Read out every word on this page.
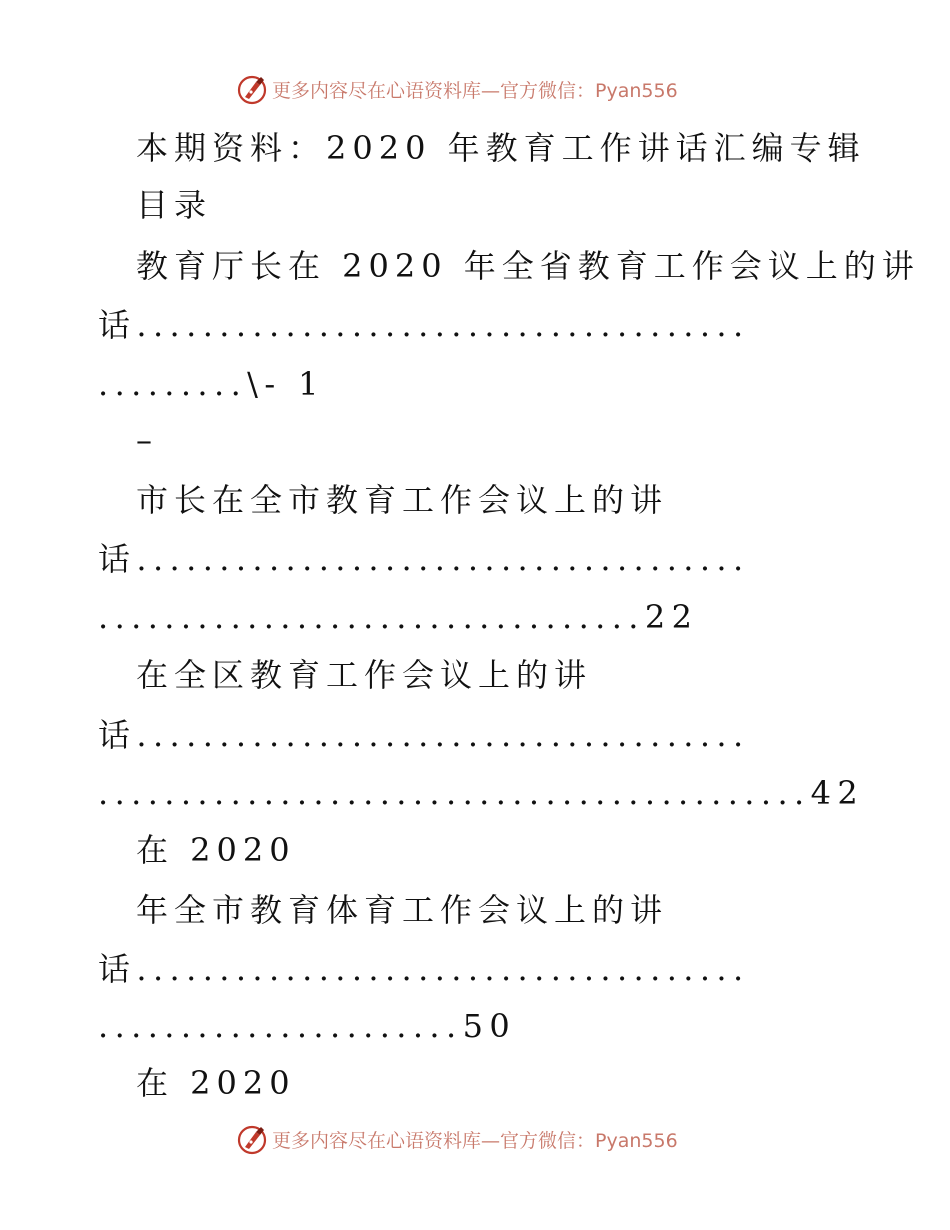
更多内容尽在心语资料库—官方微信：Pyan556
本期资料：2020 年教育工作讲话汇编专辑
目录
教育厅长在 2020 年全省教育工作会议上的讲
话.....................................
.........\- 1
–
市长在全市教育工作会议上的讲
话.....................................
.................................22
在全区教育工作会议上的讲
话.....................................
...........................................42
在 2020
年全市教育体育工作会议上的讲
话.....................................
......................50
在 2020
更多内容尽在心语资料库—官方微信：Pyan556
